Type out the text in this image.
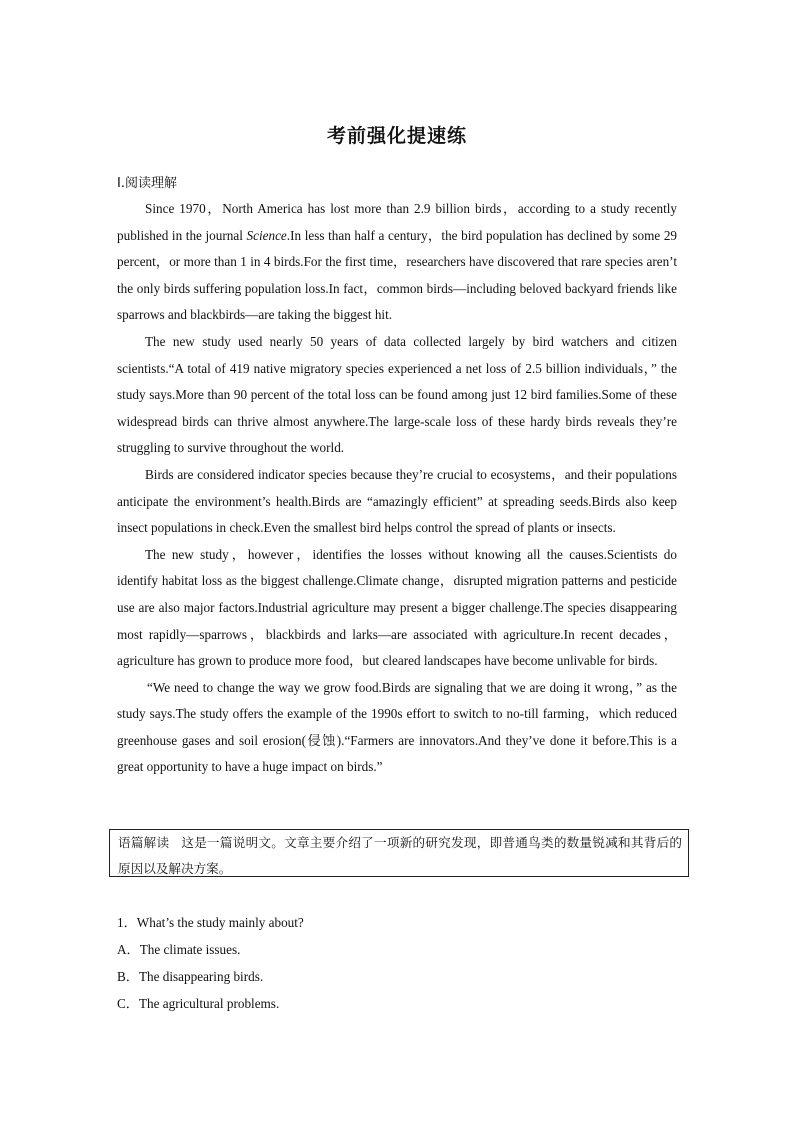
考前强化提速练
Ⅰ.阅读理解

Since 1970，North America has lost more than 2.9 billion birds，according to a study recently published in the journal Science.In less than half a century，the bird population has declined by some 29 percent，or more than 1 in 4 birds.For the first time，researchers have discovered that rare species aren’t the only birds suffering population loss.In fact，common birds—including beloved backyard friends like sparrows and blackbirds—are taking the biggest hit.

The new study used nearly 50 years of data collected largely by bird watchers and citizen scientists.“A total of 419 native migratory species experienced a net loss of 2.5 billion individuals，” the study says.More than 90 percent of the total loss can be found among just 12 bird families.Some of these widespread birds can thrive almost anywhere.The large-scale loss of these hardy birds reveals they’re struggling to survive throughout the world.

Birds are considered indicator species because they’re crucial to ecosystems，and their populations anticipate the environment’s health.Birds are “amazingly efficient” at spreading seeds.Birds also keep insect populations in check.Even the smallest bird helps control the spread of plants or insects.

The new study，however，identifies the losses without knowing all the causes.Scientists do identify habitat loss as the biggest challenge.Climate change，disrupted migration patterns and pesticide use are also major factors.Industrial agriculture may present a bigger challenge.The species disappearing most rapidly—sparrows，blackbirds and larks—are associated with agriculture.In recent decades，agriculture has grown to produce more food，but cleared landscapes have become unlivable for birds.

“We need to change the way we grow food.Birds are signaling that we are doing it wrong，” as the study says.The study offers the example of the 1990s effort to switch to no-till farming，which reduced greenhouse gases and soil erosion(侵蚀).“Farmers are innovators.And they’ve done it before.This is a great opportunity to have a huge impact on birds.”

语篇解读 这是一篇说明文。文章主要介绍了一项新的研究发现，即普通鸟类的数量锐减和其背后的原因以及解决方案。
1．What’s the study mainly about?
A．The climate issues.
B．The disappearing birds.
C．The agricultural problems.
